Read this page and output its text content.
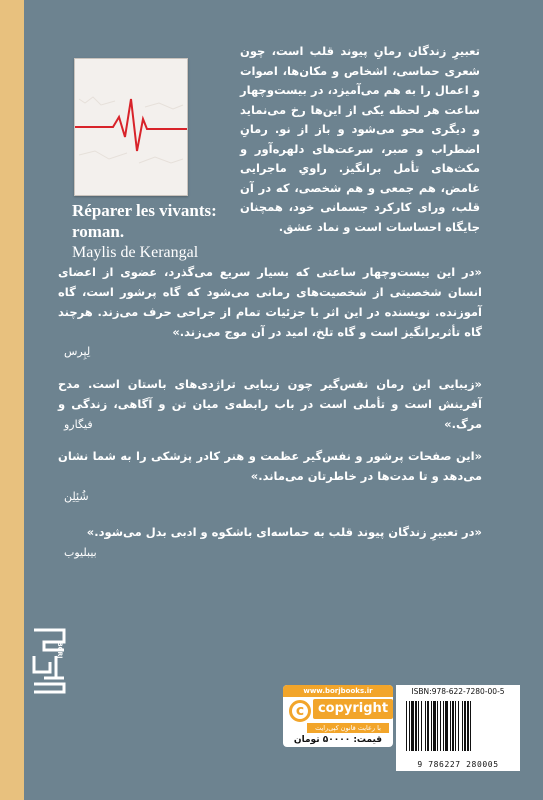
Réparer les vivants: roman.
Maylis de Kerangal
تعبیرِ زندگان رمانِ پیوند قلب است، چون شعری حماسی، اشخاص و مکان‌ها، اصوات و اعمال را به هم می‌آمیزد، در بیست‌وچهار ساعت هر لحظه یکی از این‌ها رخ می‌نماید و دیگری محو می‌شود و باز از نو. رمانِ اضطراب و صبر، سرعت‌های دلهره‌آور و مکث‌های تأمل برانگیز. راویِ ماجرایی غامض، هم جمعی و هم شخصی، که در آن قلب، ورای کارکرد جسمانی خود، همچنان جایگاه احساسات است و نماد عشق.
«در این بیست‌وچهار ساعتی که بسیار سریع می‌گذرد، عضوی از اعضای انسان شخصیتی از شخصیت‌های رمانی می‌شود که گاه پرشور است، گاه آموزنده. نویسنده در این اثر با جزئیات تمام از جراحی حرف می‌زند. هرچند گاه تأثربرانگیز است و گاه تلخ، امید در آن موج می‌زند.»
لِپِرس
«زیبایی این رمان نفس‌گیر چون زیبایی تراژدی‌های باستان است. مدح آفرینش است و تأملی است در باب رابطه‌ی میان تن و آگاهی، زندگی و مرگ.»
فیگارو
«این صفحات پرشور و نفس‌گیر عظمت و هنر کادر پزشکی را به شما نشان می‌دهد و تا مدت‌ها در خاطرتان می‌ماند.»
شُئِلِن
«در تعبیرِ زندگان پیوند قلب به حماسه‌ای باشکوه و ادبی بدل می‌شود.»
بیبلیوب
BORJ
www.borjbooks.ir
c	copyright
با رعایت قانون کپی‌رایت
قیمت: ۵۰۰۰۰ تومان
ISBN:978-622-7280-00-5
9 786227 280005
